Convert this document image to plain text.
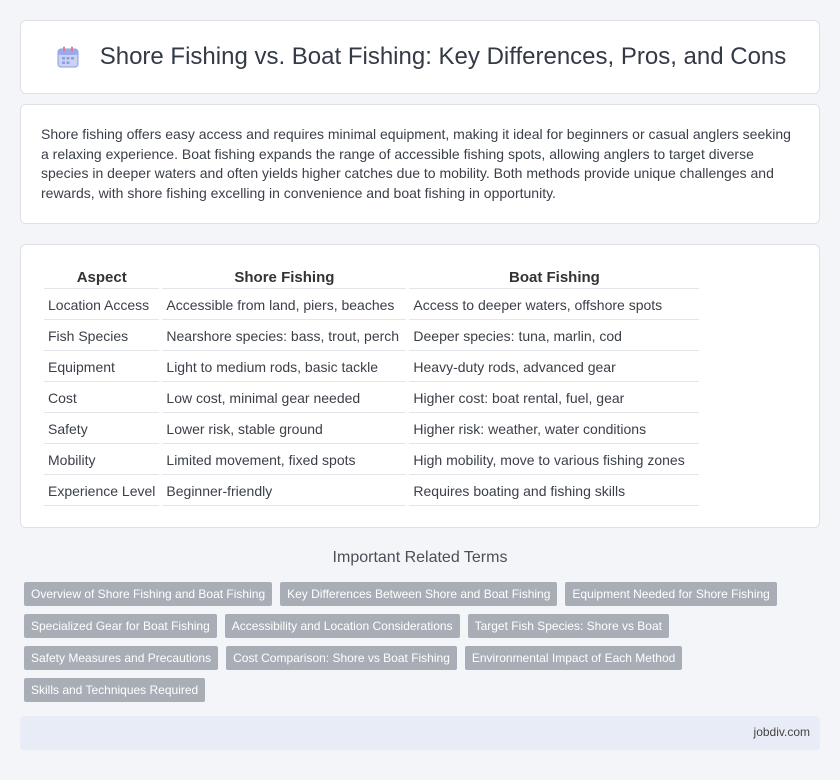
Shore Fishing vs. Boat Fishing: Key Differences, Pros, and Cons

Shore fishing offers easy access and requires minimal equipment, making it ideal for beginners or casual anglers seeking a relaxing experience. Boat fishing expands the range of accessible fishing spots, allowing anglers to target diverse species in deeper waters and often yields higher catches due to mobility. Both methods provide unique challenges and rewards, with shore fishing excelling in convenience and boat fishing in opportunity.

Aspect	Shore Fishing	Boat Fishing
Location Access	Accessible from land, piers, beaches	Access to deeper waters, offshore spots
Fish Species	Nearshore species: bass, trout, perch	Deeper species: tuna, marlin, cod
Equipment	Light to medium rods, basic tackle	Heavy-duty rods, advanced gear
Cost	Low cost, minimal gear needed	Higher cost: boat rental, fuel, gear
Safety	Lower risk, stable ground	Higher risk: weather, water conditions
Mobility	Limited movement, fixed spots	High mobility, move to various fishing zones
Experience Level	Beginner-friendly	Requires boating and fishing skills
Important Related Terms
Overview of Shore Fishing and Boat Fishing	Key Differences Between Shore and Boat Fishing	Equipment Needed for Shore Fishing
Specialized Gear for Boat Fishing	Accessibility and Location Considerations	Target Fish Species: Shore vs Boat
Safety Measures and Precautions	Cost Comparison: Shore vs Boat Fishing	Environmental Impact of Each Method
Skills and Techniques Required
jobdiv.com
